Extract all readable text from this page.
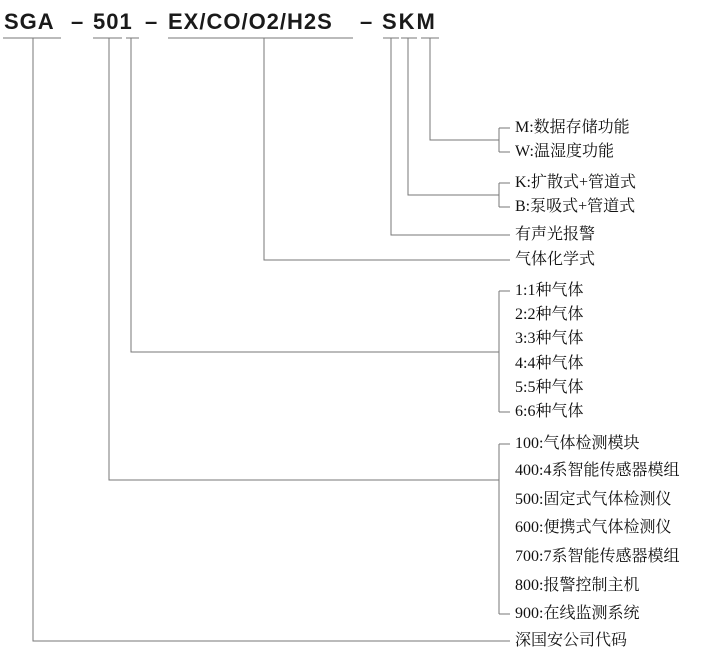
SGA – 501 – EX/CO/O2/H2S – SKM
M:数据存储功能
W:温湿度功能
K:扩散式+管道式
B:泵吸式+管道式
有声光报警
气体化学式
1:1种气体
2:2种气体
3:3种气体
4:4种气体
5:5种气体
6:6种气体
100:气体检测模块
400:4系智能传感器模组
500:固定式气体检测仪
600:便携式气体检测仪
700:7系智能传感器模组
800:报警控制主机
900:在线监测系统
深国安公司代码
